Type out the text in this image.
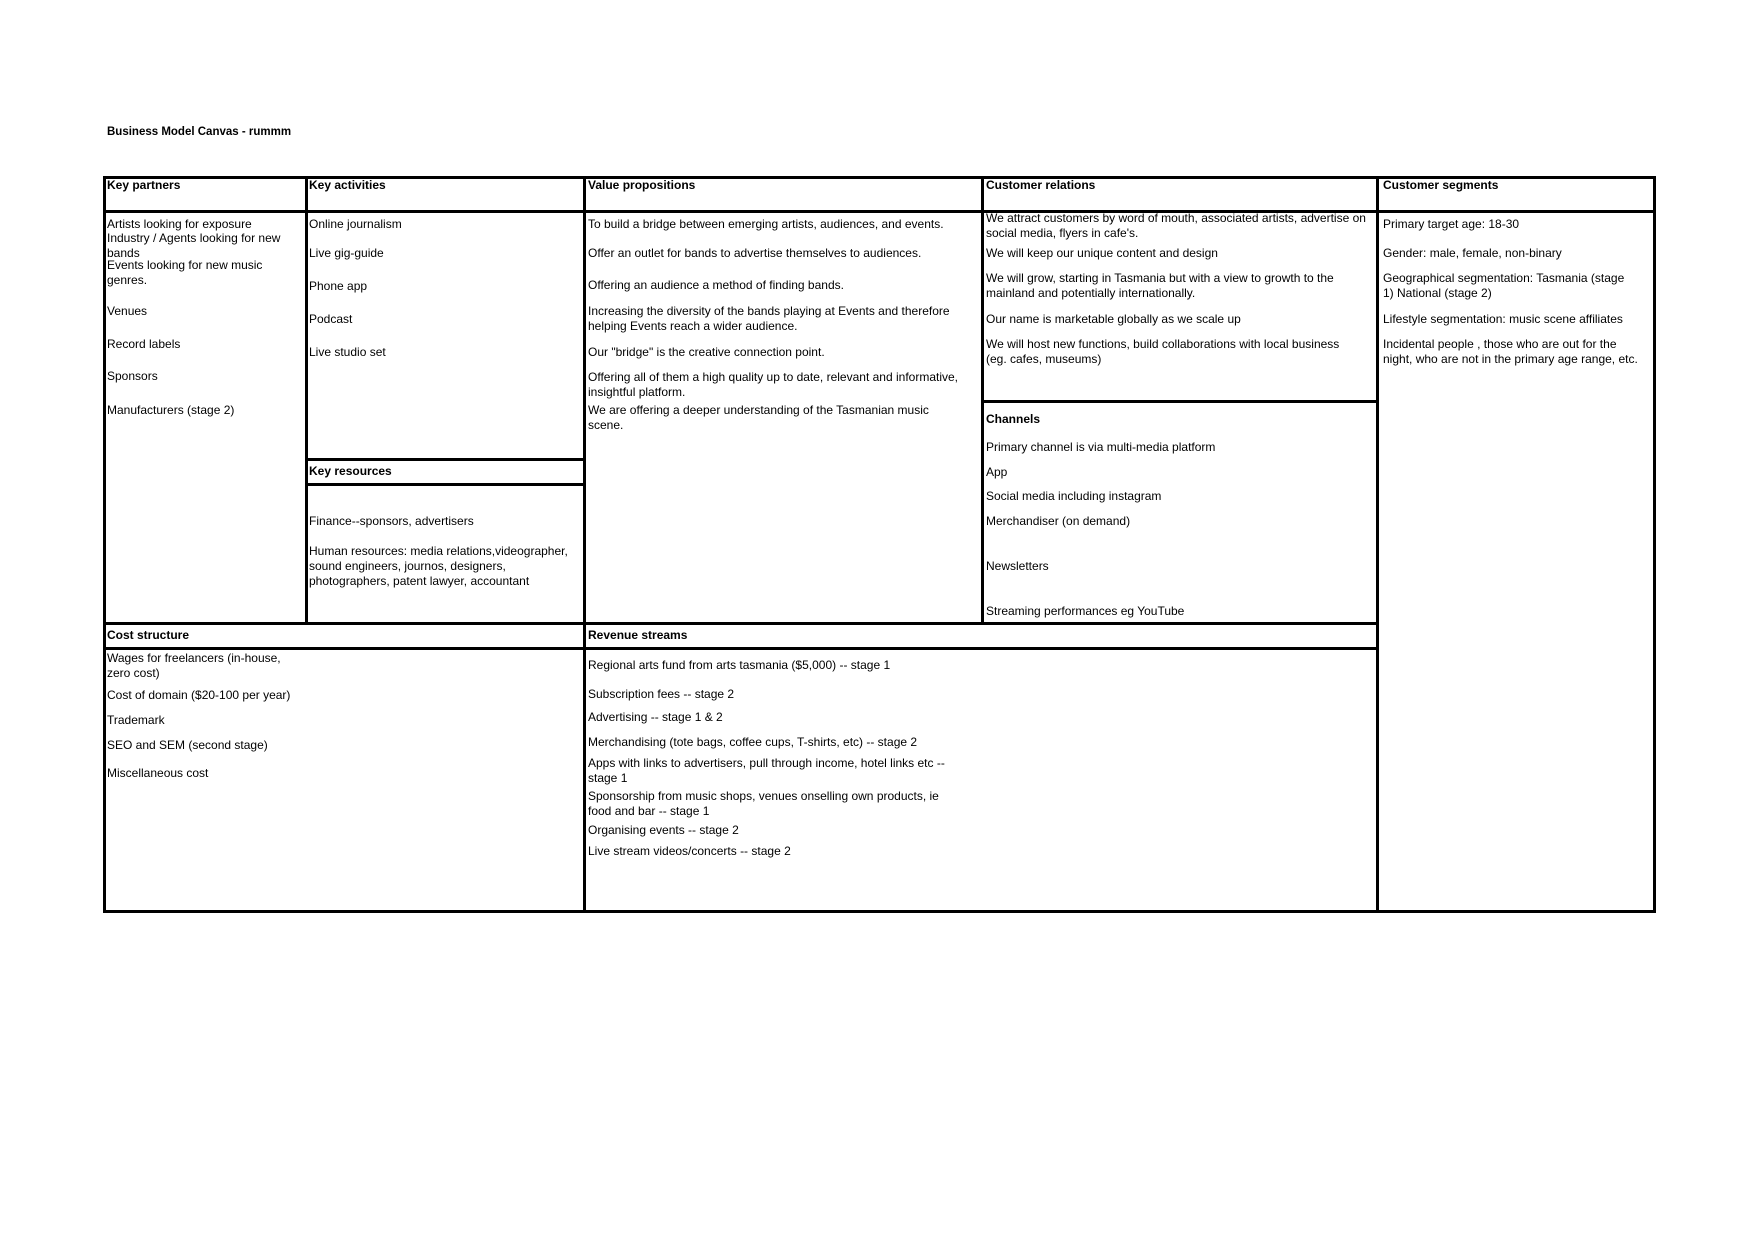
Business Model Canvas - rummm
Key partners
Artists looking for exposure
Industry / Agents looking for new
bands
Events looking for new music
genres.
Venues
Record labels
Sponsors
Manufacturers (stage 2)
Key activities
Online journalism
Live gig-guide
Phone app
Podcast
Live studio set
Key resources
Finance--sponsors, advertisers
Human resources: media relations,videographer,
sound engineers, journos, designers,
photographers, patent lawyer, accountant
Value propositions
To build a bridge between emerging artists, audiences, and events.
Offer an outlet for bands to advertise themselves to audiences.
Offering an audience a method of finding bands.
Increasing the diversity of the bands playing at Events and therefore
helping Events reach a wider audience.
Our "bridge" is the creative connection point.
Offering all of them a high quality up to date, relevant and informative,
insightful platform.
We are offering a deeper understanding of the Tasmanian music
scene.
Customer relations
We attract customers by word of mouth, associated artists, advertise on
social media, flyers in cafe's.
We will keep our unique content and design
We will grow, starting in Tasmania but with a view to growth to the
mainland and potentially internationally.
Our name is marketable globally as we scale up
We will host new functions, build collaborations with local business
(eg. cafes, museums)
Channels
Primary channel is via multi-media platform
App
Social media including instagram
Merchandiser (on demand)
Newsletters
Streaming performances eg YouTube
Customer segments
Primary target age: 18-30
Gender: male, female, non-binary
Geographical segmentation: Tasmania (stage
1) National (stage 2)
Lifestyle segmentation: music scene affiliates
Incidental people , those who are out for the
night, who are not in the primary age range, etc.
Cost structure
Wages for freelancers (in-house,
zero cost)
Cost of domain ($20-100 per year)
Trademark
SEO and SEM (second stage)
Miscellaneous cost
Revenue streams
Regional arts fund from arts tasmania ($5,000) -- stage 1
Subscription fees -- stage 2
Advertising -- stage 1 & 2
Merchandising (tote bags, coffee cups, T-shirts, etc) -- stage 2
Apps with links to advertisers, pull through income, hotel links etc --
stage 1
Sponsorship from music shops, venues onselling own products, ie
food and bar -- stage 1
Organising events -- stage 2
Live stream videos/concerts -- stage 2
